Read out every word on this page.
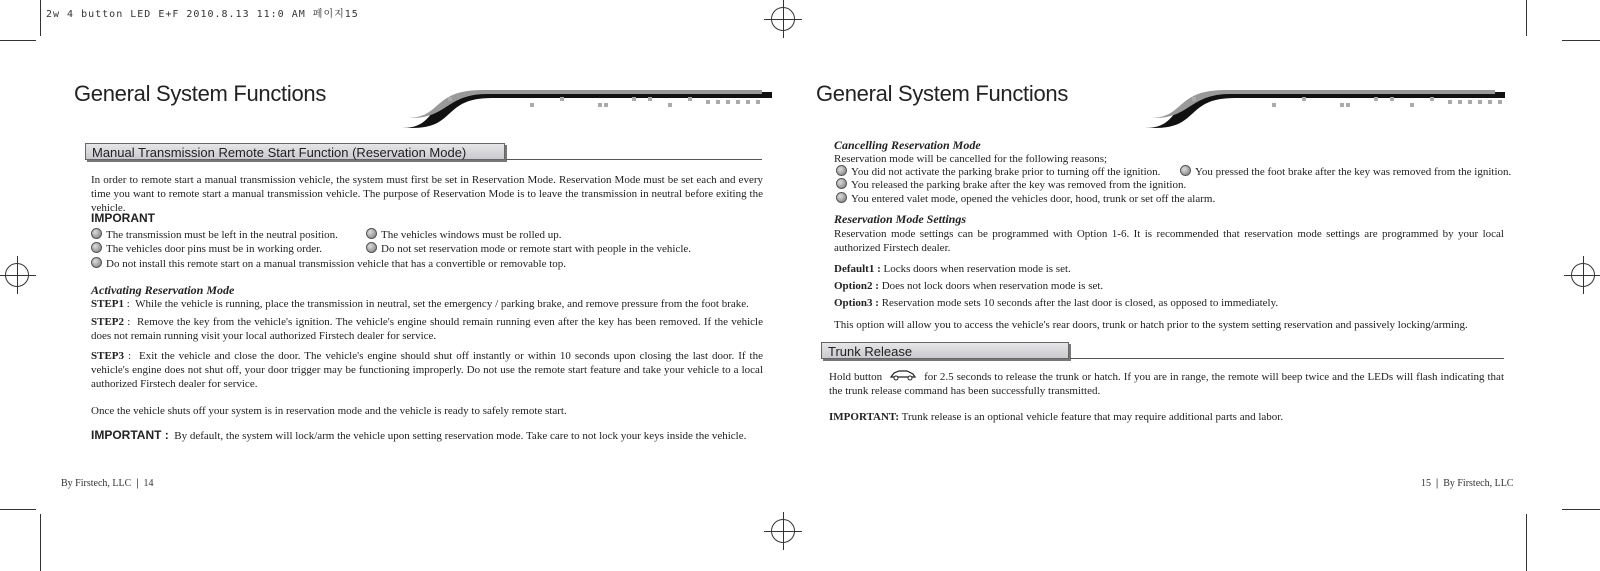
2w 4 button LED E+F 2010.8.13 11:0 AM 페이지15
General System Functions
Manual Transmission Remote Start Function (Reservation Mode)
In order to remote start a manual transmission vehicle, the system must first be set in Reservation Mode. Reservation Mode must be set each and every time you want to remote start a manual transmission vehicle. The purpose of Reservation Mode is to leave the transmission in neutral before exiting the vehicle.
IMPORANT
The transmission must be left in the neutral position.	The vehicles windows must be rolled up.
The vehicles door pins must be in working order.	Do not set reservation mode or remote start with people in the vehicle.
Do not install this remote start on a manual transmission vehicle that has a convertible or removable top.
Activating Reservation Mode
STEP1 :  While the vehicle is running, place the transmission in neutral, set the emergency / parking brake, and remove pressure from the foot brake.
STEP2 :  Remove the key from the vehicle's ignition. The vehicle's engine should remain running even after the key has been removed. If the vehicle does not remain running visit your local authorized Firstech dealer for service.
STEP3 :  Exit the vehicle and close the door. The vehicle's engine should shut off instantly or within 10 seconds upon closing the last door. If the vehicle's engine does not shut off, your door trigger may be functioning improperly. Do not use the remote start feature and take your vehicle to a local authorized Firstech dealer for service.
Once the vehicle shuts off your system is in reservation mode and the vehicle is ready to safely remote start.
IMPORTANT : By default, the system will lock/arm the vehicle upon setting reservation mode. Take care to not lock your keys inside the vehicle.
By Firstech, LLC | 14
General System Functions
Cancelling Reservation Mode
Reservation mode will be cancelled for the following reasons;
You did not activate the parking brake prior to turning off the ignition.	You pressed the foot brake after the key was removed from the ignition.
You released the parking brake after the key was removed from the ignition.
You entered valet mode, opened the vehicles door, hood, trunk or set off the alarm.
Reservation Mode Settings
Reservation mode settings can be programmed with Option 1-6. It is recommended that reservation mode settings are programmed by your local authorized Firstech dealer.
Default1 : Locks doors when reservation mode is set.
Option2 : Does not lock doors when reservation mode is set.
Option3 : Reservation mode sets 10 seconds after the last door is closed, as opposed to immediately.
This option will allow you to access the vehicle's rear doors, trunk or hatch prior to the system setting reservation and passively locking/arming.
Trunk Release
Hold button	for 2.5 seconds to release the trunk or hatch. If you are in range, the remote will beep twice and the LEDs will flash indicating that the trunk release command has been successfully transmitted.
IMPORTANT: Trunk release is an optional vehicle feature that may require additional parts and labor.
15 | By Firstech, LLC
